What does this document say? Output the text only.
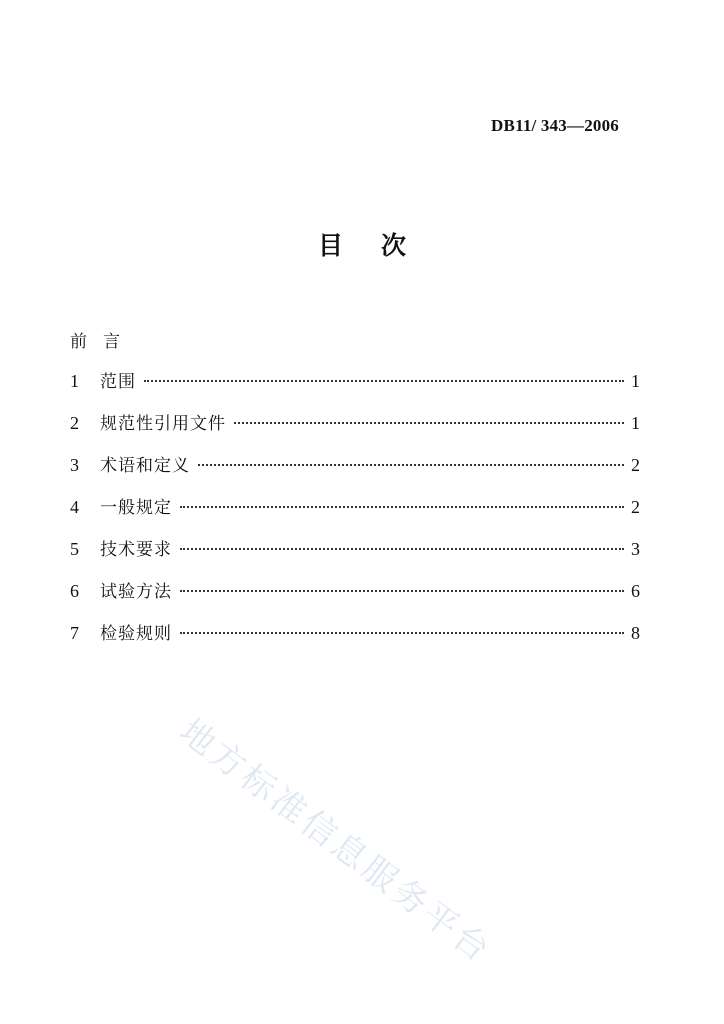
DB11/ 343—2006
目次
前言
1	范围	1
2	规范性引用文件	1
3	术语和定义	2
4	一般规定	2
5	技术要求	3
6	试验方法	6
7	检验规则	8
地方标准信息服务平台
